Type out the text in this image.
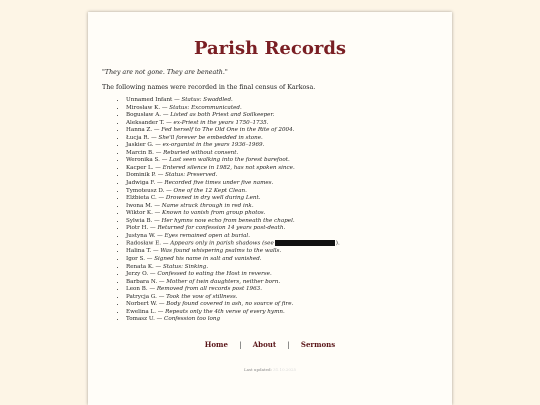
Parish Records

"They are not gone. They are beneath."

The following names were recorded in the final census of Karkosa.

• Unnamed Infant — Status: Swaddled.
• Mirosław K. — Status: Excommunicated.
• Bogusław A. — Listed as both Priest and Soilkeeper.
• Aleksander T. — ex-Priest in the years 1750–1735.
• Hanna Z. — Fed herself to The Old One in the Rite of 2004.
• Łucja R. — She'll forever be embedded in stone.
• Jaskier G. — ex-organist in the years 1936–1969.
• Marcin B. — Reburied without consent.
• Weronika S. — Last seen walking into the forest barefoot.
• Kacper L. — Entered silence in 1982, has not spoken since.
• Dominik P. — Status: Preserved.
• Jadwiga F. — Recorded five times under five names.
• Tymoteusz D. — One of the 12 Kept Clean.
• Elżbieta C. — Drowned in dry well during Lent.
• Iwona M. — Name struck through in red ink.
• Wiktor K. — Known to vanish from group photos.
• Sylwia B. — Her hymns now echo from beneath the chapel.
• Piotr H. — Returned for confession 14 years post-death.
• Justyna W. — Eyes remained open at burial.
• Radosław E. — Appears only in parish shadows (see	).
• Halina T. — Was found whispering psalms to the walls.
• Igor S. — Signed his name in salt and vanished.
• Renata K. — Status: Sinking.
• Jerzy O. — Confessed to eating the Host in reverse.
• Barbara N. — Mother of twin daughters, neither born.
• Leon B. — Removed from all records post 1963.
• Patrycja G. — Took the vow of stillness.
• Norbert W. — Body found covered in ash, no source of fire.
• Ewelina L. — Repeats only the 4th verse of every hymn.
• Tomasz U. — Confession too long
Home | About | Sermons
Last updated: 31.10.2025
